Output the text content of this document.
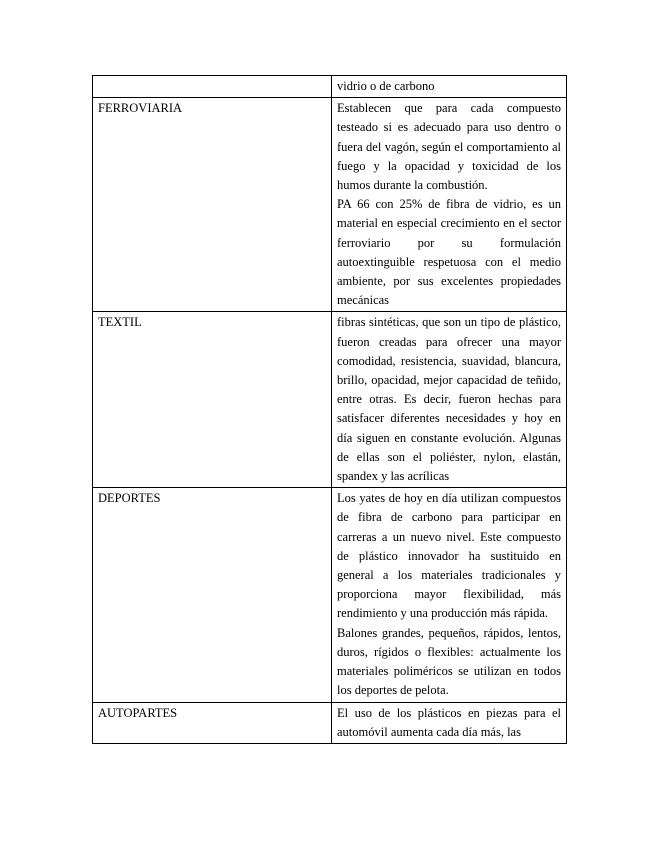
	vidrio o de carbono

FERROVIARIA	Establecen que para cada compuesto testeado si es adecuado para uso dentro o fuera del vagón, según el comportamiento al fuego y la opacidad y toxicidad de los humos durante la combustión.
PA 66 con 25% de fibra de vidrio, es un material en especial crecimiento en el sector ferroviario por su formulación autoextinguible respetuosa con el medio ambiente, por sus excelentes propiedades mecánicas

TEXTIL	fibras sintéticas, que son un tipo de plástico, fueron creadas para ofrecer una mayor comodidad, resistencia, suavidad, blancura, brillo, opacidad, mejor capacidad de teñido, entre otras. Es decir, fueron hechas para satisfacer diferentes necesidades y hoy en día siguen en constante evolución. Algunas de ellas son el poliéster, nylon, elastán, spandex y las acrílicas

DEPORTES	Los yates de hoy en día utilizan compuestos de fibra de carbono para participar en carreras a un nuevo nivel. Este compuesto de plástico innovador ha sustituido en general a los materiales tradicionales y proporciona mayor flexibilidad, más rendimiento y una producción más rápida.
Balones grandes, pequeños, rápidos, lentos, duros, rígidos o flexibles: actualmente los materiales poliméricos se utilizan en todos los deportes de pelota.

AUTOPARTES	El uso de los plásticos en piezas para el automóvil aumenta cada día más, las
